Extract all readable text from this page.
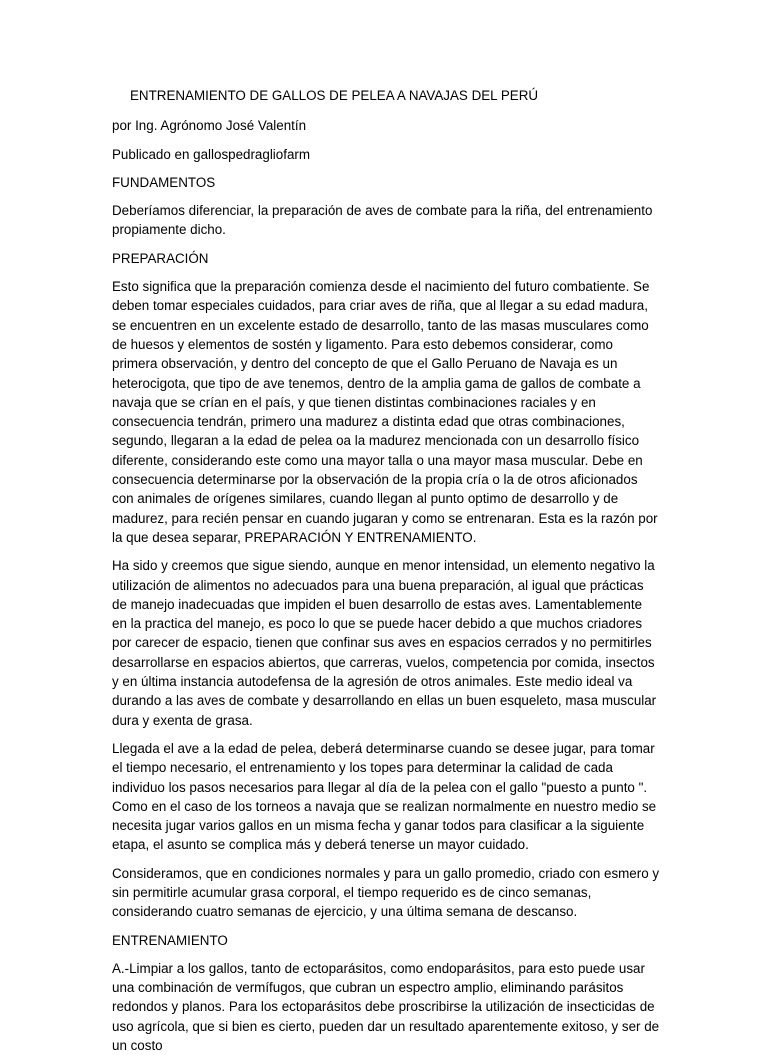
ENTRENAMIENTO DE GALLOS DE PELEA A NAVAJAS DEL PERÚ

por Ing. Agrónomo José Valentín

Publicado en gallospedragliofarm

FUNDAMENTOS

Deberíamos diferenciar, la preparación de aves de combate para la riña, del entrenamiento propiamente dicho.

PREPARACIÓN

Esto significa que la preparación comienza desde el nacimiento del futuro combatiente. Se deben tomar especiales cuidados, para criar aves de riña, que al llegar a su edad madura, se encuentren en un excelente estado de desarrollo, tanto de las masas musculares como de huesos y elementos de sostén y ligamento. Para esto debemos considerar, como primera observación, y dentro del concepto de que el Gallo Peruano de Navaja es un heterocigota, que tipo de ave tenemos, dentro de la amplia gama de gallos de combate a navaja que se crían en el país, y que tienen distintas combinaciones raciales y en consecuencia tendrán, primero una madurez a distinta edad que otras combinaciones, segundo, llegaran a la edad de pelea oa la madurez mencionada con un desarrollo físico diferente, considerando este como una mayor talla o una mayor masa muscular. Debe en consecuencia determinarse por la observación de la propia cría o la de otros aficionados con animales de orígenes similares, cuando llegan al punto optimo de desarrollo y de madurez, para recién pensar en cuando jugaran y como se entrenaran. Esta es la razón por la que desea separar, PREPARACIÓN Y ENTRENAMIENTO.

Ha sido y creemos que sigue siendo, aunque en menor intensidad, un elemento negativo la utilización de alimentos no adecuados para una buena preparación, al igual que prácticas de manejo inadecuadas que impiden el buen desarrollo de estas aves. Lamentablemente en la practica del manejo, es poco lo que se puede hacer debido a que muchos criadores por carecer de espacio, tienen que confinar sus aves en espacios cerrados y no permitirles desarrollarse en espacios abiertos, que carreras, vuelos, competencia por comida, insectos y en última instancia autodefensa de la agresión de otros animales. Este medio ideal va durando a las aves de combate y desarrollando en ellas un buen esqueleto, masa muscular dura y exenta de grasa.

Llegada el ave a la edad de pelea, deberá determinarse cuando se desee jugar, para tomar el tiempo necesario, el entrenamiento y los topes para determinar la calidad de cada individuo los pasos necesarios para llegar al día de la pelea con el gallo "puesto a punto ". Como en el caso de los torneos a navaja que se realizan normalmente en nuestro medio se necesita jugar varios gallos en un misma fecha y ganar todos para clasificar a la siguiente etapa, el asunto se complica más y deberá tenerse un mayor cuidado.

Consideramos, que en condiciones normales y para un gallo promedio, criado con esmero y sin permitirle acumular grasa corporal, el tiempo requerido es de cinco semanas, considerando cuatro semanas de ejercicio, y una última semana de descanso.

ENTRENAMIENTO

A.-Limpiar a los gallos, tanto de ectoparásitos, como endoparásitos, para esto puede usar una combinación de vermífugos, que cubran un espectro amplio, eliminando parásitos redondos y planos. Para los ectoparásitos debe proscribirse la utilización de insecticidas de uso agrícola, que si bien es cierto, pueden dar un resultado aparentemente exitoso, y ser de un costo
